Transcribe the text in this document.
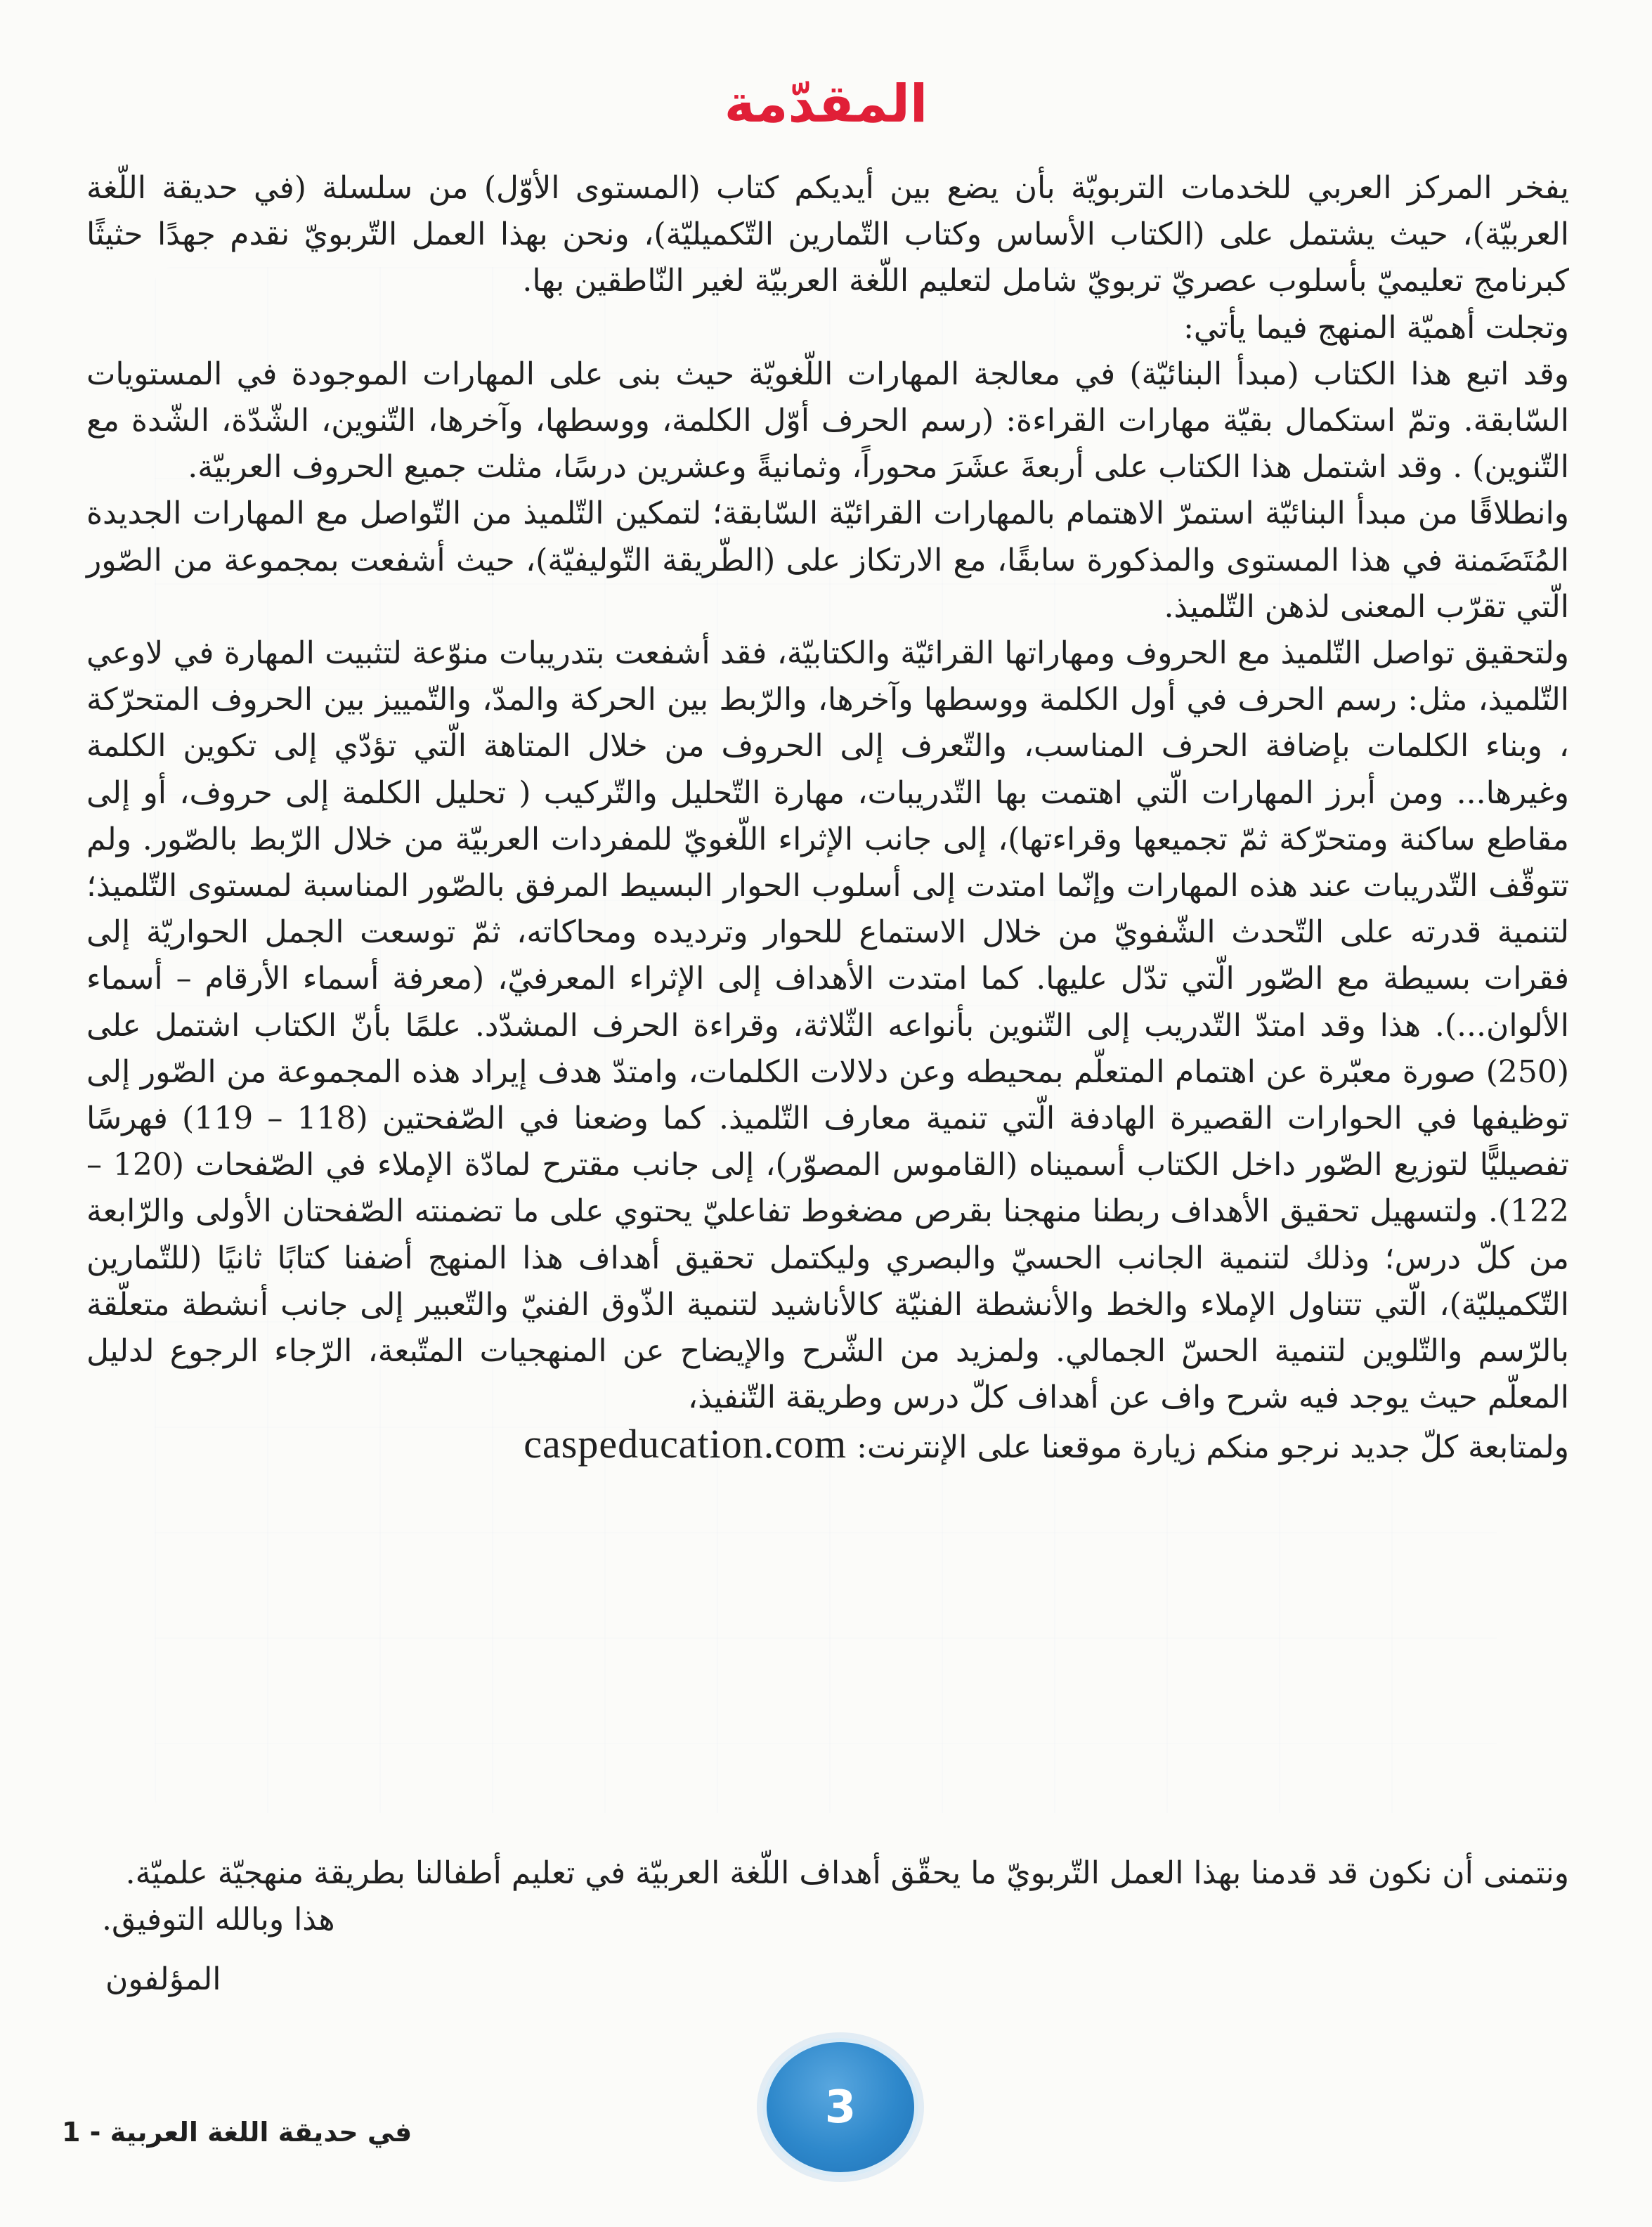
المقدّمة

يفخر المركز العربي للخدمات التربويّة بأن يضع بين أيديكم كتاب (المستوى الأوّل) من سلسلة (في حديقة اللّغة العربيّة)، حيث يشتمل على (الكتاب الأساس وكتاب التّمارين التّكميليّة)، ونحن بهذا العمل التّربويّ نقدم جهدًا حثيثًا كبرنامج تعليميّ بأسلوب عصريّ تربويّ شامل لتعليم اللّغة العربيّة لغير النّاطقين بها.

وتجلت أهميّة المنهج فيما يأتي:

وقد اتبع هذا الكتاب (مبدأ البنائيّة) في معالجة المهارات اللّغويّة حيث بنى على المهارات الموجودة في المستويات السّابقة. وتمّ استكمال بقيّة مهارات القراءة: (رسم الحرف أوّل الكلمة، ووسطها، وآخرها، التّنوين، الشّدّة، الشّدة مع التّنوين) . وقد اشتمل هذا الكتاب على أربعةَ عشَرَ محوراً، وثمانيةً وعشرين درسًا، مثلت جميع الحروف العربيّة.

وانطلاقًا من مبدأ البنائيّة استمرّ الاهتمام بالمهارات القرائيّة السّابقة؛ لتمكين التّلميذ من التّواصل مع المهارات الجديدة المُتَضَمنة في هذا المستوى والمذكورة سابقًا، مع الارتكاز على (الطّريقة التّوليفيّة)، حيث أشفعت بمجموعة من الصّور الّتي تقرّب المعنى لذهن التّلميذ.

ولتحقيق تواصل التّلميذ مع الحروف ومهاراتها القرائيّة والكتابيّة، فقد أشفعت بتدريبات منوّعة لتثبيت المهارة في لاوعي التّلميذ، مثل: رسم الحرف في أول الكلمة ووسطها وآخرها، والرّبط بين الحركة والمدّ، والتّمييز بين الحروف المتحرّكة ، وبناء الكلمات بإضافة الحرف المناسب، والتّعرف إلى الحروف من خلال المتاهة الّتي تؤدّي إلى تكوين الكلمة وغيرها... ومن أبرز المهارات الّتي اهتمت بها التّدريبات، مهارة التّحليل والتّركيب ( تحليل الكلمة إلى حروف، أو إلى مقاطع ساكنة ومتحرّكة ثمّ تجميعها وقراءتها)، إلى جانب الإثراء اللّغويّ للمفردات العربيّة من خلال الرّبط بالصّور. ولم تتوقّف التّدريبات عند هذه المهارات وإنّما امتدت إلى أسلوب الحوار البسيط المرفق بالصّور المناسبة لمستوى التّلميذ؛ لتنمية قدرته على التّحدث الشّفويّ من خلال الاستماع للحوار وترديده ومحاكاته، ثمّ توسعت الجمل الحواريّة إلى فقرات بسيطة مع الصّور الّتي تدّل عليها. كما امتدت الأهداف إلى الإثراء المعرفيّ، (معرفة أسماء الأرقام – أسماء الألوان...). هذا وقد امتدّ التّدريب إلى التّنوين بأنواعه الثّلاثة، وقراءة الحرف المشدّد. علمًا بأنّ الكتاب اشتمل على (250) صورة معبّرة عن اهتمام المتعلّم بمحيطه وعن دلالات الكلمات، وامتدّ هدف إيراد هذه المجموعة من الصّور إلى توظيفها في الحوارات القصيرة الهادفة الّتي تنمية معارف التّلميذ. كما وضعنا في الصّفحتين (118 – 119) فهرسًا تفصيليًّا لتوزيع الصّور داخل الكتاب أسميناه (القاموس المصوّر)، إلى جانب مقترح لمادّة الإملاء في الصّفحات (120 – 122). ولتسهيل تحقيق الأهداف ربطنا منهجنا بقرص مضغوط تفاعليّ يحتوي على ما تضمنته الصّفحتان الأولى والرّابعة من كلّ درس؛ وذلك لتنمية الجانب الحسيّ والبصري وليكتمل تحقيق أهداف هذا المنهج أضفنا كتابًا ثانيًا (للتّمارين التّكميليّة)، الّتي تتناول الإملاء والخط والأنشطة الفنيّة كالأناشيد لتنمية الذّوق الفنيّ والتّعبير إلى جانب أنشطة متعلّقة بالرّسم والتّلوين لتنمية الحسّ الجمالي. ولمزيد من الشّرح والإيضاح عن المنهجيات المتّبعة، الرّجاء الرجوع لدليل المعلّم حيث يوجد فيه شرح واف عن أهداف كلّ درس وطريقة التّنفيذ،

ولمتابعة كلّ جديد نرجو منكم زيارة موقعنا على الإنترنت: caspeducation.com

ونتمنى أن نكون قد قدمنا بهذا العمل التّربويّ ما يحقّق أهداف اللّغة العربيّة في تعليم أطفالنا بطريقة منهجيّة علميّة.
هذا وبالله التوفيق.
المؤلفون
3
في حديقة اللغة العربية - 1
